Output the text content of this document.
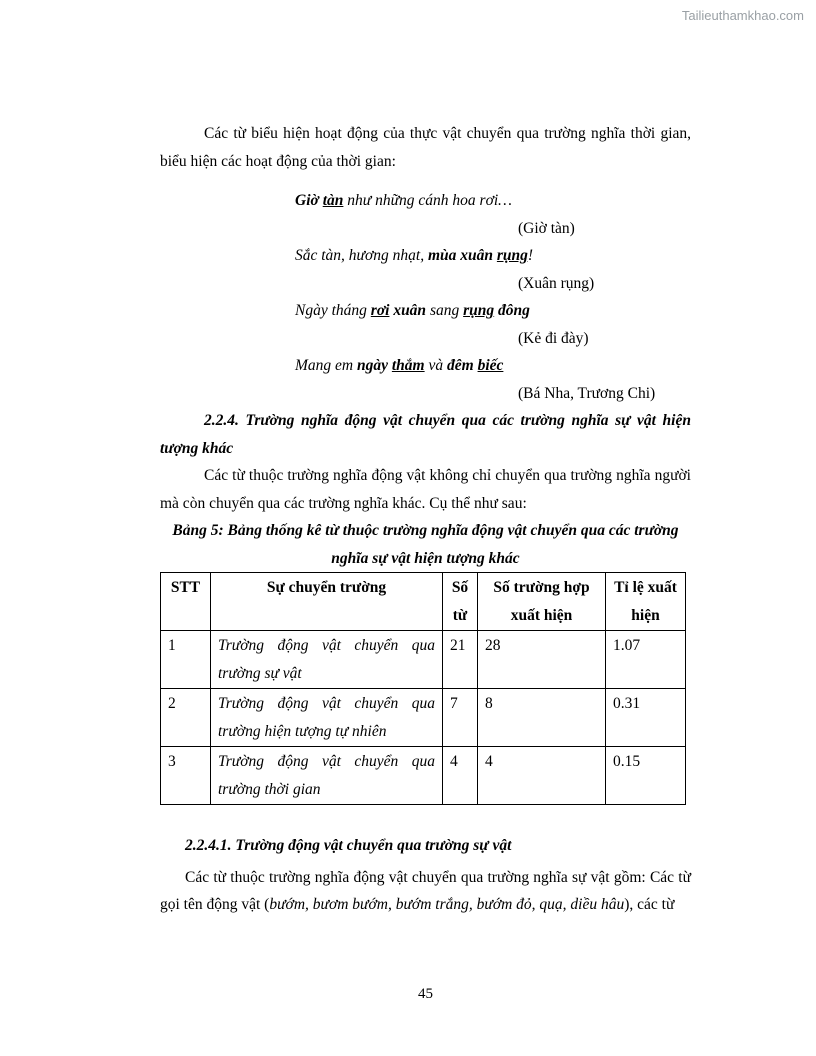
Tailieuthamkhao.com

Các từ biểu hiện hoạt động của thực vật chuyển qua trường nghĩa thời gian, biểu hiện các hoạt động của thời gian:

Giờ tàn như những cánh hoa rơi…
(Giờ tàn)
Sắc tàn, hương nhạt, mùa xuân rụng!
(Xuân rụng)
Ngày tháng rơi xuân sang rụng đông
(Kẻ đi đày)
Mang em ngày thắm và đêm biếc
(Bá Nha, Trương Chi)
2.2.4. Trường nghĩa động vật chuyển qua các trường nghĩa sự vật hiện tượng khác

Các từ thuộc trường nghĩa động vật không chỉ chuyển qua trường nghĩa người mà còn chuyển qua các trường nghĩa khác. Cụ thể như sau:

Bảng 5: Bảng thống kê từ thuộc trường nghĩa động vật chuyển qua các trường nghĩa sự vật hiện tượng khác

STT	Sự chuyển trường	Số từ	Số trường hợp xuất hiện	Tỉ lệ xuất hiện
1	Trường động vật chuyển qua trường sự vật	21	28	1.07
2	Trường động vật chuyển qua trường hiện tượng tự nhiên	7	8	0.31
3	Trường động vật chuyển qua trường thời gian	4	4	0.15
2.2.4.1. Trường động vật chuyển qua trường sự vật

Các từ thuộc trường nghĩa động vật chuyển qua trường nghĩa sự vật gồm: Các từ gọi tên động vật (bướm, bươm bướm, bướm trắng, bướm đỏ, quạ, diều hâu), các từ

45
